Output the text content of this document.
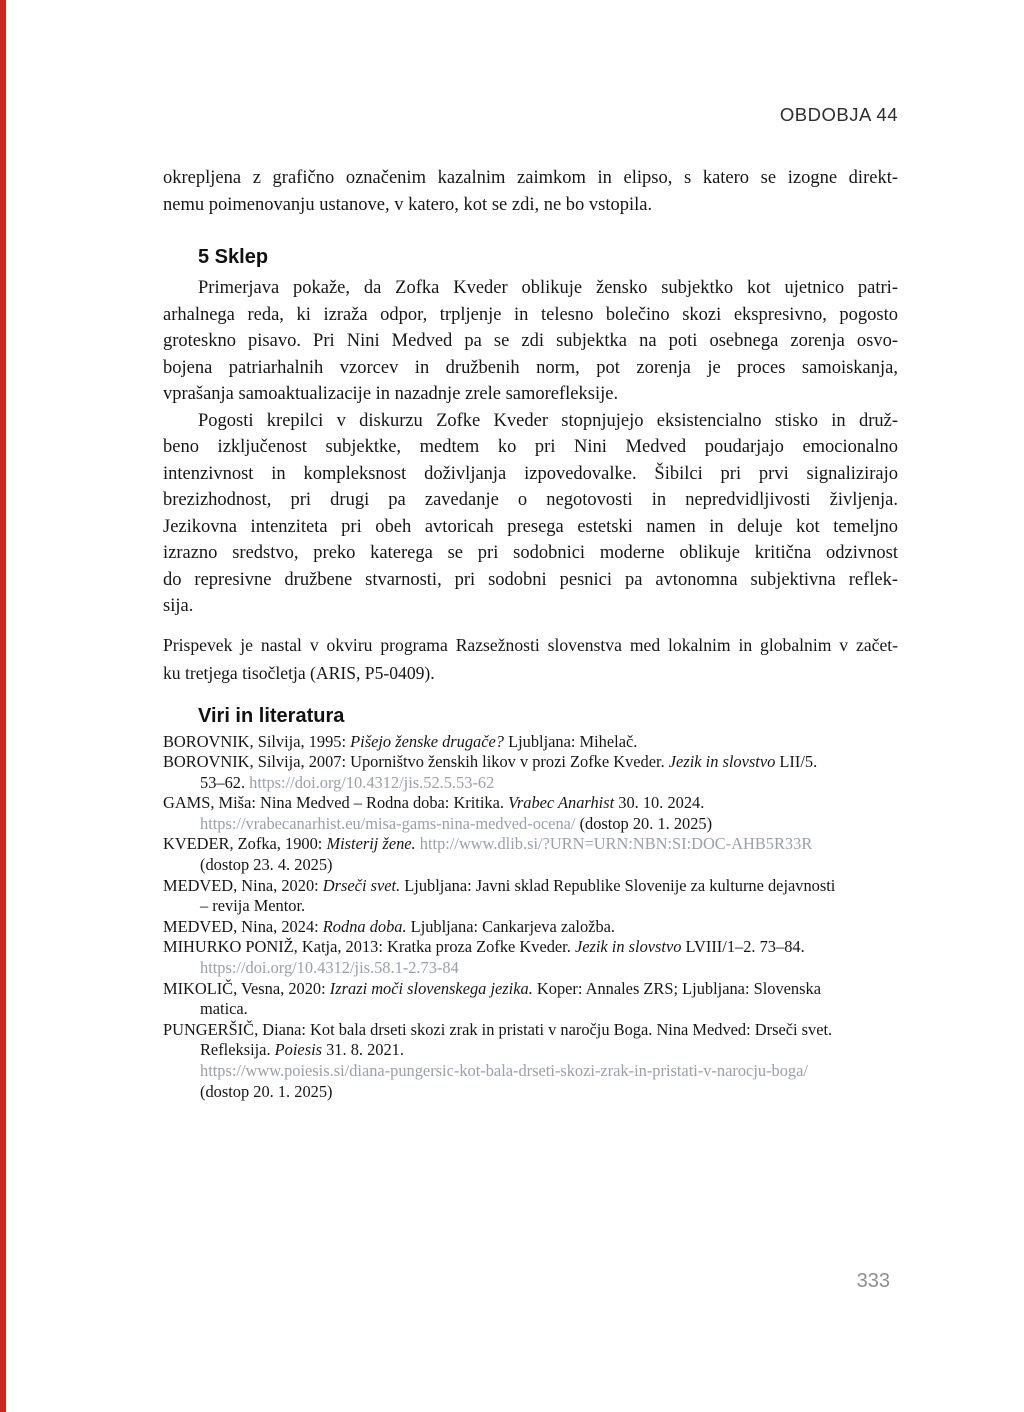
OBDOBJA 44
okrepljena z grafično označenim kazalnim zaimkom in elipso, s katero se izogne direkt-
nemu poimenovanju ustanove, v katero, kot se zdi, ne bo vstopila.
5 Sklep
Primerjava pokaže, da Zofka Kveder oblikuje žensko subjektko kot ujetnico patri-
arhalnega reda, ki izraža odpor, trpljenje in telesno bolečino skozi ekspresivno, pogosto
groteskno pisavo. Pri Nini Medved pa se zdi subjektka na poti osebnega zorenja osvo-
bojena patriarhalnih vzorcev in družbenih norm, pot zorenja je proces samoiskanja,
vprašanja samoaktualizacije in nazadnje zrele samorefleksije.
Pogosti krepilci v diskurzu Zofke Kveder stopnjujejo eksistencialno stisko in druž-
beno izključenost subjektke, medtem ko pri Nini Medved poudarjajo emocionalno
intenzivnost in kompleksnost doživljanja izpovedovalke. Šibilci pri prvi signalizirajo
brezizhodnost, pri drugi pa zavedanje o negotovosti in nepredvidljivosti življenja.
Jezikovna intenziteta pri obeh avtoricah presega estetski namen in deluje kot temeljno
izrazno sredstvo, preko katerega se pri sodobnici moderne oblikuje kritična odzivnost
do represivne družbene stvarnosti, pri sodobni pesnici pa avtonomna subjektivna reflek-
sija.
Prispevek je nastal v okviru programa Razsežnosti slovenstva med lokalnim in globalnim v začet-
ku tretjega tisočletja (ARIS, P5-0409).
Viri in literatura
BOROVNIK, Silvija, 1995: Pišejo ženske drugače? Ljubljana: Mihelač.
BOROVNIK, Silvija, 2007: Uporništvo ženskih likov v prozi Zofke Kveder. Jezik in slovstvo LII/5.
53–62. https://doi.org/10.4312/jis.52.5.53-62
GAMS, Miša: Nina Medved – Rodna doba: Kritika. Vrabec Anarhist 30. 10. 2024.
https://vrabecanarhist.eu/misa-gams-nina-medved-ocena/ (dostop 20. 1. 2025)
KVEDER, Zofka, 1900: Misterij žene. http://www.dlib.si/?URN=URN:NBN:SI:DOC-AHB5R33R
(dostop 23. 4. 2025)
MEDVED, Nina, 2020: Drseči svet. Ljubljana: Javni sklad Republike Slovenije za kulturne dejavnosti
– revija Mentor.
MEDVED, Nina, 2024: Rodna doba. Ljubljana: Cankarjeva založba.
MIHURKO PONIŽ, Katja, 2013: Kratka proza Zofke Kveder. Jezik in slovstvo LVIII/1–2. 73–84.
https://doi.org/10.4312/jis.58.1-2.73-84
MIKOLIČ, Vesna, 2020: Izrazi moči slovenskega jezika. Koper: Annales ZRS; Ljubljana: Slovenska
matica.
PUNGERŠIČ, Diana: Kot bala drseti skozi zrak in pristati v naročju Boga. Nina Medved: Drseči svet.
Refleksija. Poiesis 31. 8. 2021.
https://www.poiesis.si/diana-pungersic-kot-bala-drseti-skozi-zrak-in-pristati-v-narocju-boga/
(dostop 20. 1. 2025)
333
